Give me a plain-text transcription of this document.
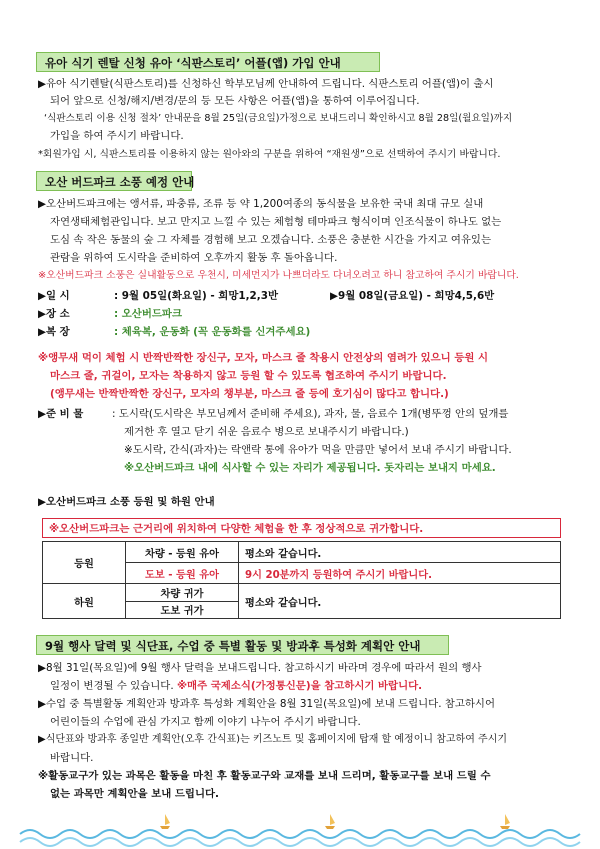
유아 식기 렌탈 신청 유아 ‘식판스토리’ 어플(앱) 가입 안내
▶유아 식기렌탈(식판스토리)를 신청하신 학부모님께 안내하여 드립니다. 식판스토리 어플(앱)이 출시
되어 앞으로 신청/해지/변경/문의 등 모든 사항은 어플(앱)을 통하여 이루어집니다.
‘식판스토리 이용 신청 절차’ 안내문을 8월 25일(금요일)가정으로 보내드리니 확인하시고 8월 28일(월요일)까지
가입을 하여 주시기 바랍니다.
*회원가입 시, 식판스토리를 이용하지 않는 원아와의 구분을 위하여 “재원생”으로 선택하여 주시기 바랍니다.
오산 버드파크 소풍 예정 안내
▶오산버드파크에는 앵서류, 파충류, 조류 등 약 1,200여종의 동식물을 보유한 국내 최대 규모 실내
자연생태체험관입니다. 보고 만지고 느낄 수 있는 체험형 테마파크 형식이며 인조식물이 하나도 없는
도심 속 작은 동물의 숲 그 자체를 경험해 보고 오겠습니다. 소풍은 충분한 시간을 가지고 여유있는
관람을 위하여 도시락을 준비하여 오후까지 활동 후 돌아옵니다.
※오산버드파크 소풍은 실내활동으로 우천시, 미세먼지가 나쁘더라도 다녀오려고 하니 참고하여 주시기 바랍니다.
▶일 시	: 9월 05일(화요일) - 희망1,2,3반	▶9월 08일(금요일) - 희망4,5,6반
▶장 소	: 오산버드파크
▶복 장	: 체육복, 운동화 (꼭 운동화를 신겨주세요)
※앵무새 먹이 체험 시 반짝반짝한 장신구, 모자, 마스크 줄 착용시 안전상의 염려가 있으니 등원 시
마스크 줄, 귀걸이, 모자는 착용하지 않고 등원 할 수 있도록 협조하여 주시기 바랍니다.
(앵무새는 반짝반짝한 장신구, 모자의 챙부분, 마스크 줄 등에 호기심이 많다고 합니다.)
▶준 비 물	: 도시락(도시락은 부모님께서 준비해 주세요), 과자, 물, 음료수 1개(병뚜껑 안의 덮개를
제거한 후 열고 닫기 쉬운 음료수 병으로 보내주시기 바랍니다.)
※도시락, 간식(과자)는 락앤락 통에 유아가 먹을 만큼만 넣어서 보내 주시기 바랍니다.
※오산버드파크 내에 식사할 수 있는 자리가 제공됩니다. 돗자리는 보내지 마세요.
▶오산버드파크 소풍 등원 및 하원 안내
※오산버드파크는 근거리에 위치하여 다양한 체험을 한 후 정상적으로 귀가합니다.
등원	차량 - 등원 유아	평소와 같습니다.
	도보 - 등원 유아	9시 20분까지 등원하여 주시기 바랍니다.
하원	차량 귀가	평소와 같습니다.
	도보 귀가	
9월 행사 달력 및 식단표, 수업 중 특별 활동 및 방과후 특성화 계획안 안내
▶8월 31일(목요일)에 9월 행사 달력을 보내드립니다. 참고하시기 바라며 경우에 따라서 원의 행사
일정이 변경될 수 있습니다. ※매주 국제소식(가정통신문)을 참고하시기 바랍니다.
▶수업 중 특별활동 계획안과 방과후 특성화 계획안을 8월 31일(목요일)에 보내 드립니다. 참고하시어
어린이들의 수업에 관심 가지고 함께 이야기 나누어 주시기 바랍니다.
▶식단표와 방과후 종일반 계획안(오후 간식표)는 키즈노트 및 홈페이지에 탑재 할 예정이니 참고하여 주시기
바랍니다.
※활동교구가 있는 과목은 활동을 마친 후 활동교구와 교재를 보내 드리며, 활동교구를 보내 드릴 수
없는 과목만 계획안을 보내 드립니다.
